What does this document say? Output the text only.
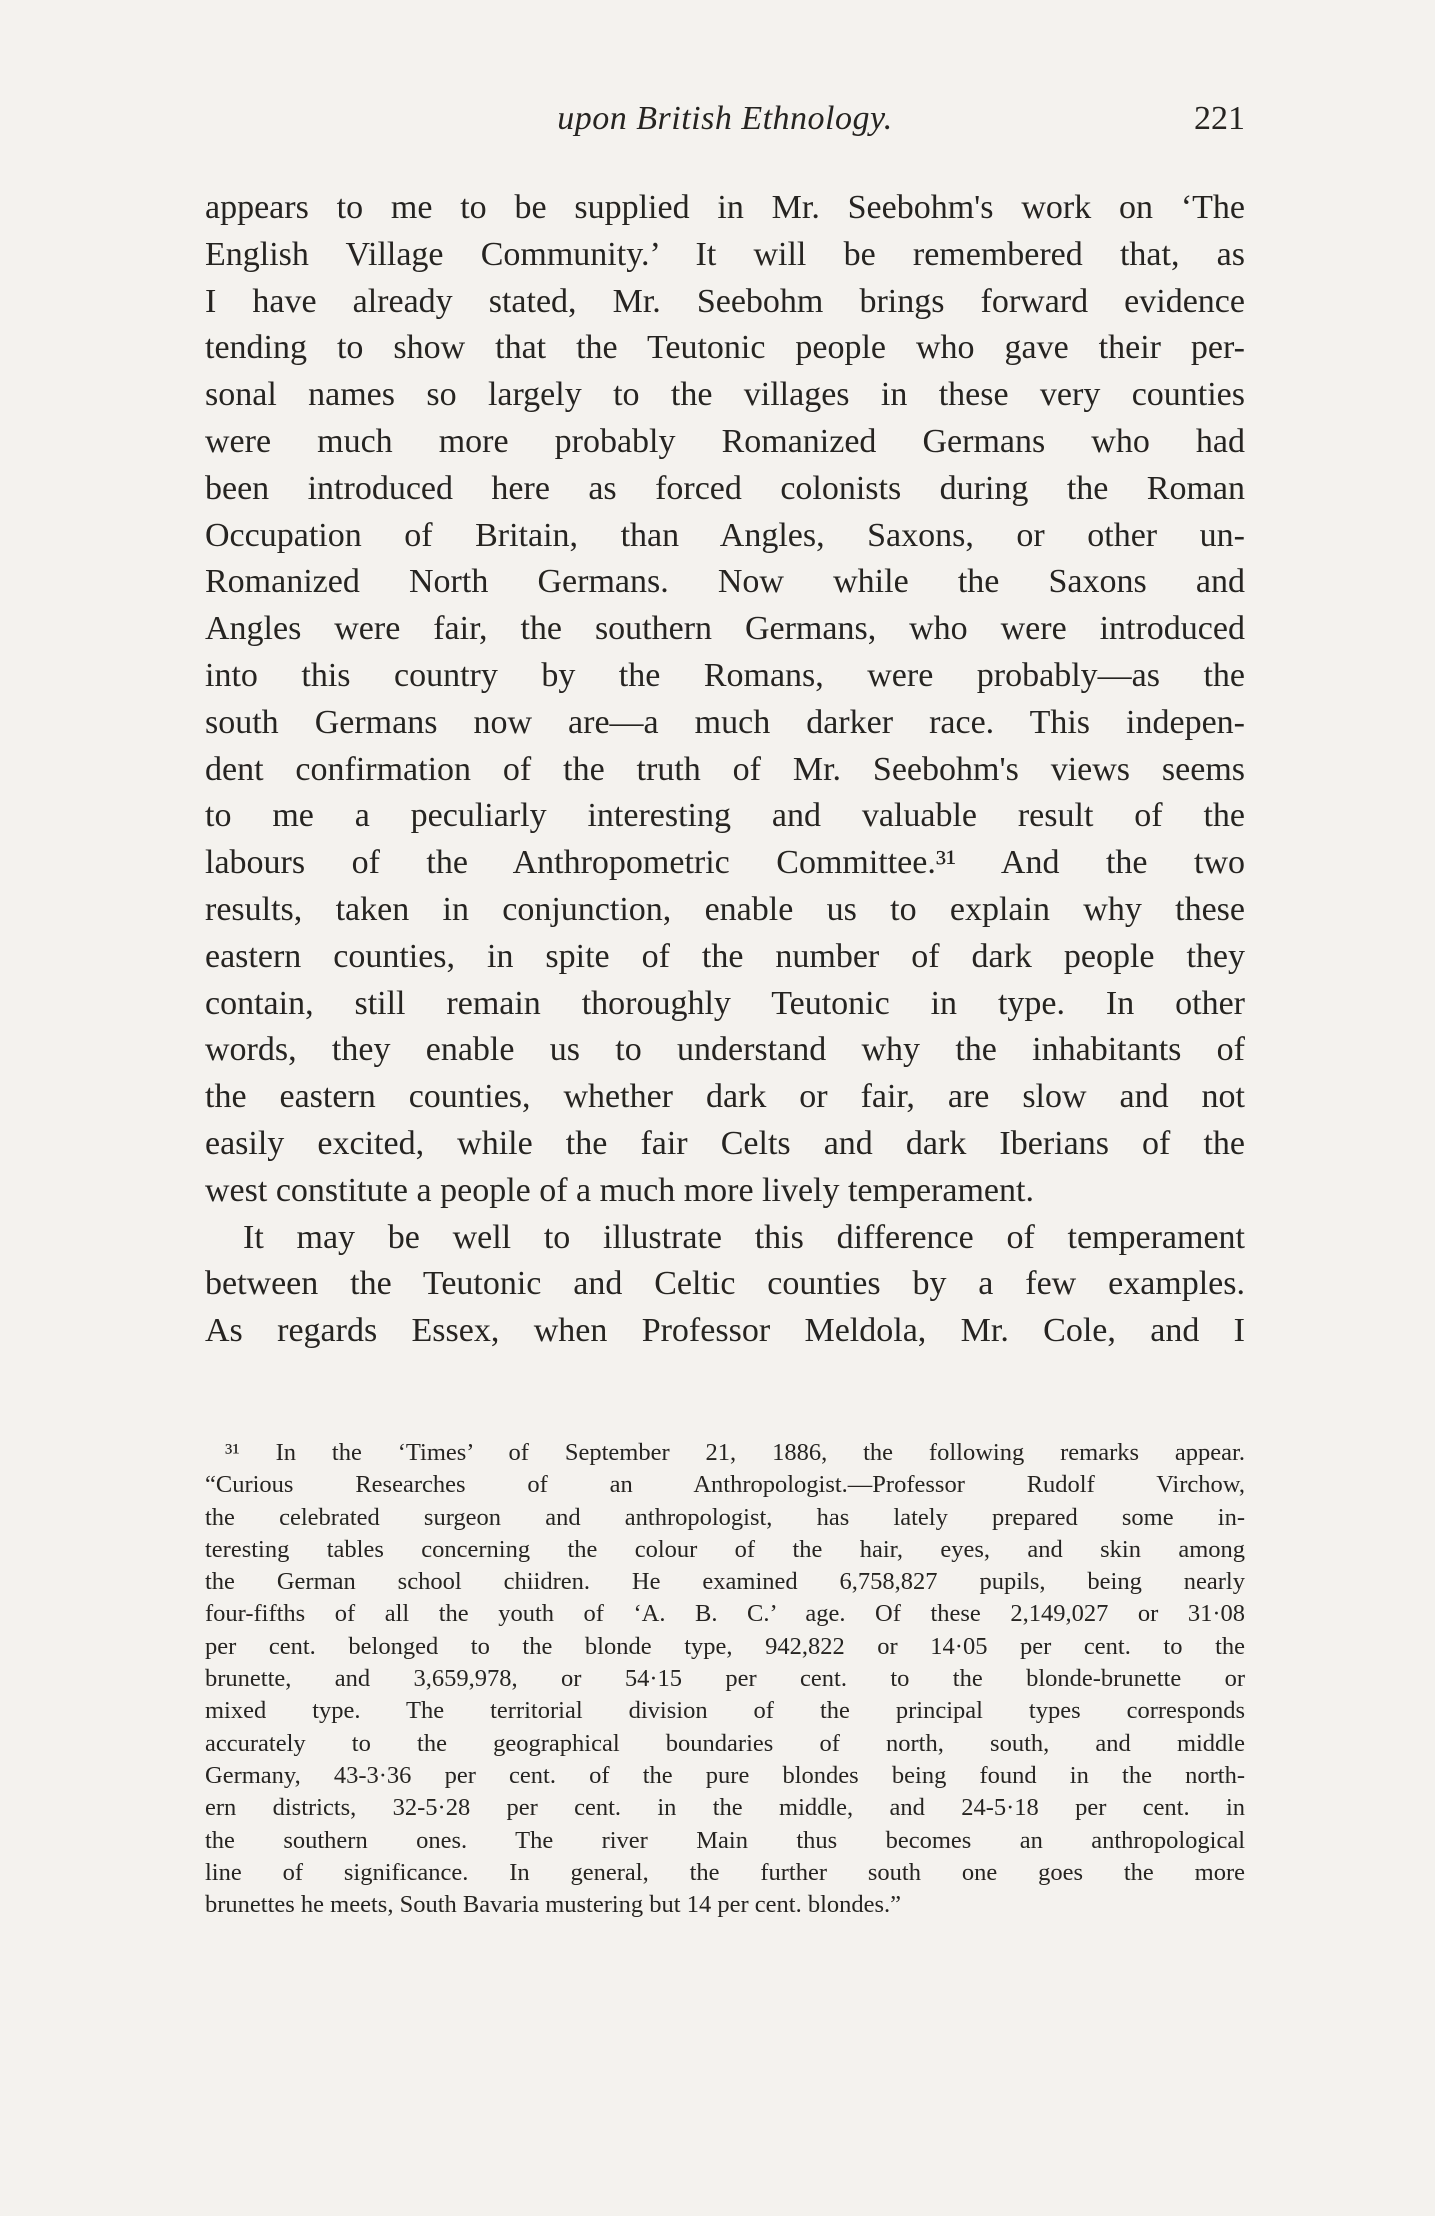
upon British Ethnology.	221
appears to me to be supplied in Mr. Seebohm's work on ‘The
English Village Community.’ It will be remembered that, as
I have already stated, Mr. Seebohm brings forward evidence
tending to show that the Teutonic people who gave their per-
sonal names so largely to the villages in these very counties
were much more probably Romanized Germans who had
been introduced here as forced colonists during the Roman
Occupation of Britain, than Angles, Saxons, or other un-
Romanized North Germans. Now while the Saxons and
Angles were fair, the southern Germans, who were introduced
into this country by the Romans, were probably—as the
south Germans now are—a much darker race. This indepen-
dent confirmation of the truth of Mr. Seebohm's views seems
to me a peculiarly interesting and valuable result of the
labours of the Anthropometric Committee.³¹ And the two
results, taken in conjunction, enable us to explain why these
eastern counties, in spite of the number of dark people they
contain, still remain thoroughly Teutonic in type. In other
words, they enable us to understand why the inhabitants of
the eastern counties, whether dark or fair, are slow and not
easily excited, while the fair Celts and dark Iberians of the
west constitute a people of a much more lively temperament.
It may be well to illustrate this difference of temperament
between the Teutonic and Celtic counties by a few examples.
As regards Essex, when Professor Meldola, Mr. Cole, and I
³¹ In the ‘Times’ of September 21, 1886, the following remarks appear.
“Curious Researches of an Anthropologist.—Professor Rudolf Virchow,
the celebrated surgeon and anthropologist, has lately prepared some in-
teresting tables concerning the colour of the hair, eyes, and skin among
the German school chiidren. He examined 6,758,827 pupils, being nearly
four-fifths of all the youth of ‘A. B. C.’ age. Of these 2,149,027 or 31·08
per cent. belonged to the blonde type, 942,822 or 14·05 per cent. to the
brunette, and 3,659,978, or 54·15 per cent. to the blonde-brunette or
mixed type. The territorial division of the principal types corresponds
accurately to the geographical boundaries of north, south, and middle
Germany, 43-3·36 per cent. of the pure blondes being found in the north-
ern districts, 32-5·28 per cent. in the middle, and 24-5·18 per cent. in
the southern ones. The river Main thus becomes an anthropological
line of significance. In general, the further south one goes the more
brunettes he meets, South Bavaria mustering but 14 per cent. blondes.”
